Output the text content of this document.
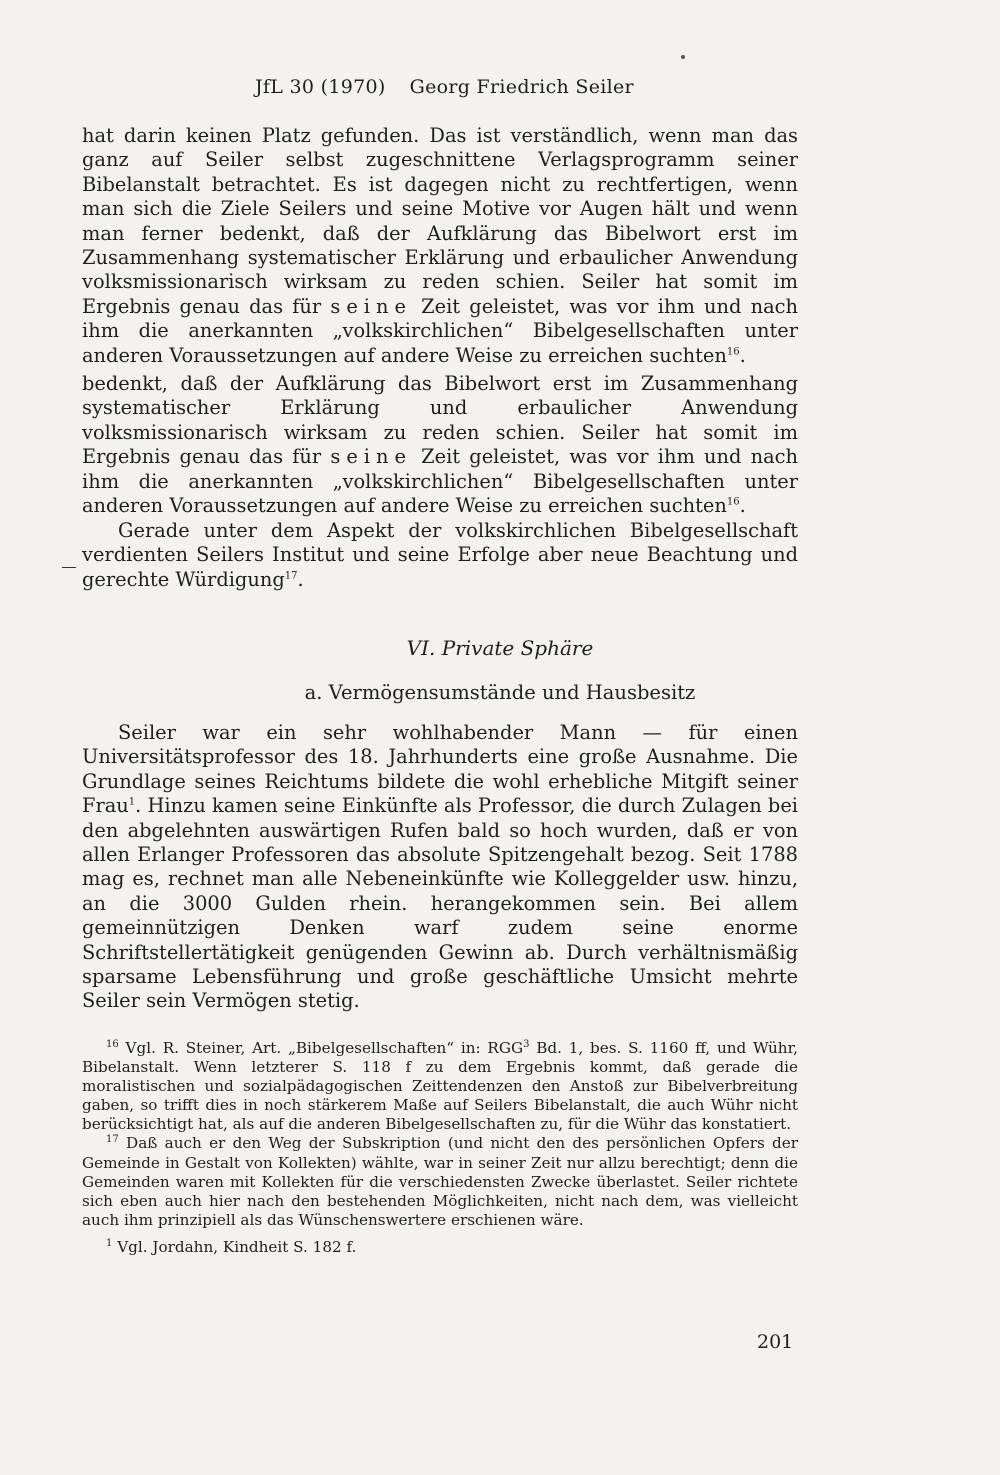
JfL 30 (1970) Georg Friedrich Seiler

hat darin keinen Platz gefunden. Das ist verständlich, wenn man das ganz auf Seiler selbst zugeschnittene Verlagsprogramm seiner Bibelanstalt betrachtet. Es ist dagegen nicht zu rechtfertigen, wenn man sich die Ziele Seilers und seine Motive vor Augen hält und wenn man ferner bedenkt, daß der Aufklärung das Bibelwort erst im Zusammenhang systematischer Erklärung und erbaulicher Anwendung volksmissionarisch wirksam zu reden schien. Seiler hat somit im Ergebnis genau das für seine Zeit geleistet, was vor ihm und nach ihm die anerkannten „volkskirchlichen“ Bibelgesellschaften unter anderen Voraussetzungen auf andere Weise zu erreichen suchten$^{16}$.

bedenkt, daß der Aufklärung das Bibelwort erst im Zusammenhang systematischer Erklärung und erbaulicher Anwendung volksmissionarisch wirksam zu reden schien. Seiler hat somit im Ergebnis genau das für seine Zeit geleistet, was vor ihm und nach ihm die anerkannten „volkskirchlichen“ Bibelgesellschaften unter anderen Voraussetzungen auf andere Weise zu erreichen suchten$^{16}$.

Gerade unter dem Aspekt der volkskirchlichen Bibelgesellschaft verdienten Seilers Institut und seine Erfolge aber neue Beachtung und gerechte Würdigung$^{17}$.

VI. Private Sphäre
a. Vermögensumstände und Hausbesitz

Seiler war ein sehr wohlhabender Mann — für einen Universitätsprofessor des 18. Jahrhunderts eine große Ausnahme. Die Grundlage seines Reichtums bildete die wohl erhebliche Mitgift seiner Frau$^1$. Hinzu kamen seine Einkünfte als Professor, die durch Zulagen bei den abgelehnten auswärtigen Rufen bald so hoch wurden, daß er von allen Erlanger Professoren das absolute Spitzengehalt bezog. Seit 1788 mag es, rechnet man alle Nebeneinkünfte wie Kolleggelder usw. hinzu, an die 3000 Gulden rhein. herangekommen sein. Bei allem gemeinnützigen Denken warf zudem seine enorme Schriftstellertätigkeit genügenden Gewinn ab. Durch verhältnismäßig sparsame Lebensführung und große geschäftliche Umsicht mehrte Seiler sein Vermögen stetig.

$^{16}$ Vgl. R. Steiner, Art. „Bibelgesellschaften“ in: RGG$^3$ Bd. 1, bes. S. 1160 ff, und Wühr, Bibelanstalt. Wenn letzterer S. 118 f zu dem Ergebnis kommt, daß gerade die moralistischen und sozialpädagogischen Zeittendenzen den Anstoß zur Bibelverbreitung gaben, so trifft dies in noch stärkerem Maße auf Seilers Bibelanstalt, die auch Wühr nicht berücksichtigt hat, als auf die anderen Bibelgesellschaften zu, für die Wühr das konstatiert.

$^{17}$ Daß auch er den Weg der Subskription (und nicht den des persönlichen Opfers der Gemeinde in Gestalt von Kollekten) wählte, war in seiner Zeit nur allzu berechtigt; denn die Gemeinden waren mit Kollekten für die verschiedensten Zwecke überlastet. Seiler richtete sich eben auch hier nach den bestehenden Möglichkeiten, nicht nach dem, was vielleicht auch ihm prinzipiell als das Wünschenswertere erschienen wäre.

$^1$ Vgl. Jordahn, Kindheit S. 182 f.

201
